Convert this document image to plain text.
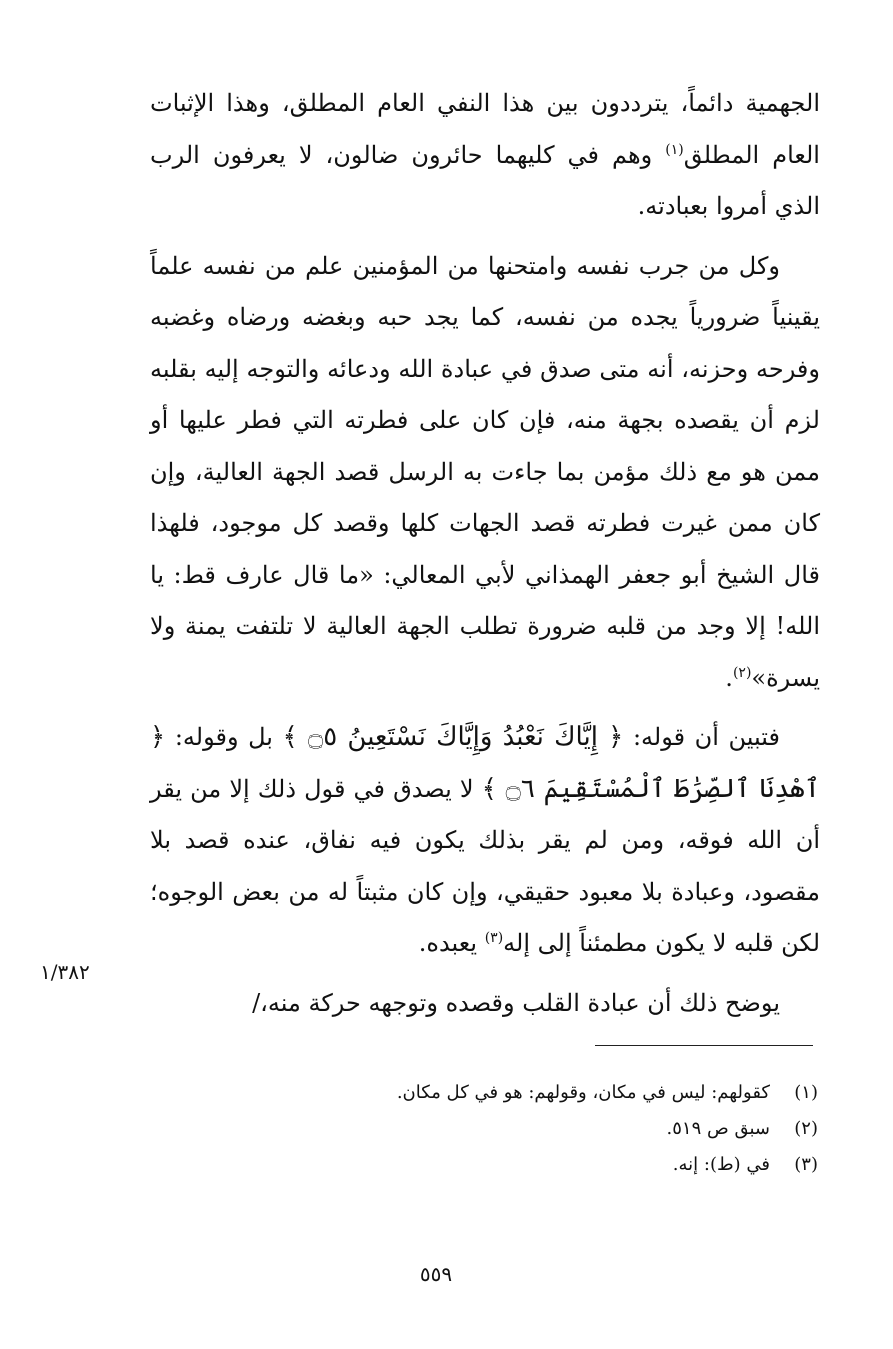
الجهمية دائماً، يترددون بين هذا النفي العام المطلق، وهذا الإثبات العام المطلق$^{(١)}$ وهم في كليهما حائرون ضالون، لا يعرفون الرب الذي أمروا بعبادته.

وكل من جرب نفسه وامتحنها من المؤمنين علم من نفسه علماً يقينياً ضرورياً يجده من نفسه، كما يجد حبه وبغضه ورضاه وغضبه وفرحه وحزنه، أنه متى صدق في عبادة الله ودعائه والتوجه إليه بقلبه لزم أن يقصده بجهة منه، فإن كان على فطرته التي فطر عليها أو ممن هو مع ذلك مؤمن بما جاءت به الرسل قصد الجهة العالية، وإن كان ممن غيرت فطرته قصد الجهات كلها وقصد كل موجود، فلهذا قال الشيخ أبو جعفر الهمذاني لأبي المعالي: «ما قال عارف قط: يا الله! إلا وجد من قلبه ضرورة تطلب الجهة العالية لا تلتفت يمنة ولا يسرة»$^{(٢)}$.

فتبين أن قوله: ﴿ إِيَّاكَ نَعْبُدُ وَإِيَّاكَ نَسْتَعِينُ ۝٥ ﴾ بل وقوله: ﴿ ٱهْدِنَا ٱلصِّرَٰطَ ٱلْمُسْتَقِيمَ ۝٦ ﴾ لا يصدق في قول ذلك إلا من يقر أن الله فوقه، ومن لم يقر بذلك يكون فيه نفاق، عنده قصد بلا مقصود، وعبادة بلا معبود حقيقي، وإن كان مثبتاً له من بعض الوجوه؛ لكن قلبه لا يكون مطمئناً إلى إله$^{(٣)}$ يعبده.

يوضح ذلك أن عبادة القلب وقصده وتوجهه حركة منه،/

١/٣٨٢
(١)
كقولهم: ليس في مكان، وقولهم: هو في كل مكان.
(٢)
سبق ص ٥١٩.
(٣)
في (ط): إنه.
٥٥٩
